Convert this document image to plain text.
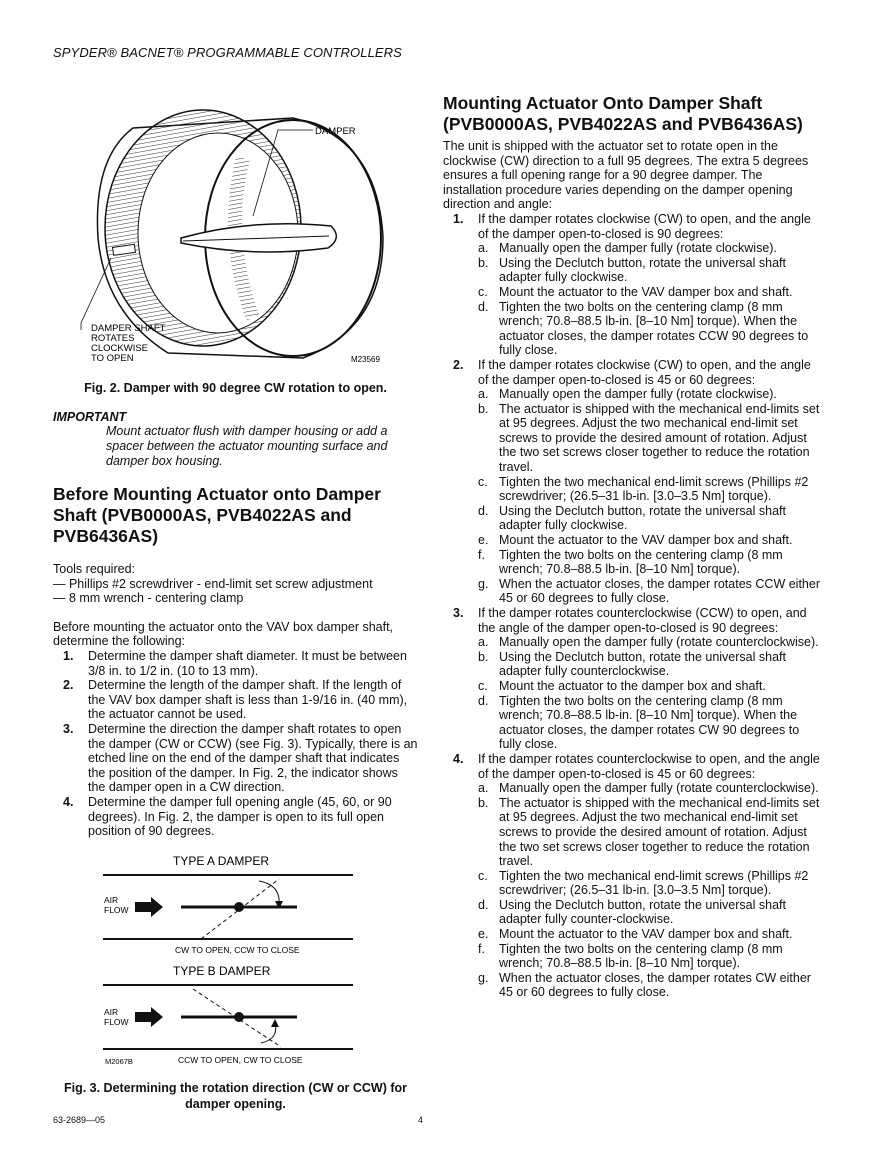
SPYDER® BACNET® PROGRAMMABLE CONTROLLERS
DAMPER
DAMPER SHAFT
ROTATES
CLOCKWISE
TO OPEN	M23569
Fig. 2. Damper with 90 degree CW rotation to open.
IMPORTANT
Mount actuator flush with damper housing or add a spacer between the actuator mounting surface and damper box housing.
Before Mounting Actuator onto Damper Shaft (PVB0000AS, PVB4022AS and PVB6436AS)
Tools required:
— Phillips #2 screwdriver - end-limit set screw adjustment
— 8 mm wrench - centering clamp
Before mounting the actuator onto the VAV box damper shaft, determine the following:
1. Determine the damper shaft diameter. It must be between 3/8 in. to 1/2 in. (10 to 13 mm).
2. Determine the length of the damper shaft. If the length of the VAV box damper shaft is less than 1-9/16 in. (40 mm), the actuator cannot be used.
3. Determine the direction the damper shaft rotates to open the damper (CW or CCW) (see Fig. 3). Typically, there is an etched line on the end of the damper shaft that indicates the position of the damper. In Fig. 2, the indicator shows the damper open in a CW direction.
4. Determine the damper full opening angle (45, 60, or 90 degrees). In Fig. 2, the damper is open to its full open position of 90 degrees.
TYPE A DAMPER
AIR
FLOW
CW TO OPEN, CCW TO CLOSE
TYPE B DAMPER
AIR
FLOW
M2067B	CCW TO OPEN, CW TO CLOSE
Fig. 3. Determining the rotation direction (CW or CCW) for damper opening.
Mounting Actuator Onto Damper Shaft (PVB0000AS, PVB4022AS and PVB6436AS)
The unit is shipped with the actuator set to rotate open in the clockwise (CW) direction to a full 95 degrees. The extra 5 degrees ensures a full opening range for a 90 degree damper. The installation procedure varies depending on the damper opening direction and angle:
1. If the damper rotates clockwise (CW) to open, and the angle of the damper open-to-closed is 90 degrees:
a. Manually open the damper fully (rotate clockwise).
b. Using the Declutch button, rotate the universal shaft adapter fully clockwise.
c. Mount the actuator to the VAV damper box and shaft.
d. Tighten the two bolts on the centering clamp (8 mm wrench; 70.8–88.5 lb-in. [8–10 Nm] torque). When the actuator closes, the damper rotates CCW 90 degrees to fully close.
2. If the damper rotates clockwise (CW) to open, and the angle of the damper open-to-closed is 45 or 60 degrees:
a. Manually open the damper fully (rotate clockwise).
b. The actuator is shipped with the mechanical end-limits set at 95 degrees. Adjust the two mechanical end-limit set screws to provide the desired amount of rotation. Adjust the two set screws closer together to reduce the rotation travel.
c. Tighten the two mechanical end-limit screws (Phillips #2 screwdriver; (26.5–31 lb-in. [3.0–3.5 Nm] torque).
d. Using the Declutch button, rotate the universal shaft adapter fully clockwise.
e. Mount the actuator to the VAV damper box and shaft.
f. Tighten the two bolts on the centering clamp (8 mm wrench; 70.8–88.5 lb-in. [8–10 Nm] torque).
g. When the actuator closes, the damper rotates CCW either 45 or 60 degrees to fully close.
3. If the damper rotates counterclockwise (CCW) to open, and the angle of the damper open-to-closed is 90 degrees:
a. Manually open the damper fully (rotate counterclockwise).
b. Using the Declutch button, rotate the universal shaft adapter fully counterclockwise.
c. Mount the actuator to the damper box and shaft.
d. Tighten the two bolts on the centering clamp (8 mm wrench; 70.8–88.5 lb-in. [8–10 Nm] torque). When the actuator closes, the damper rotates CW 90 degrees to fully close.
4. If the damper rotates counterclockwise to open, and the angle of the damper open-to-closed is 45 or 60 degrees:
a. Manually open the damper fully (rotate counterclockwise).
b. The actuator is shipped with the mechanical end-limits set at 95 degrees. Adjust the two mechanical end-limit set screws to provide the desired amount of rotation. Adjust the two set screws closer together to reduce the rotation travel.
c. Tighten the two mechanical end-limit screws (Phillips #2 screwdriver; (26.5–31 lb-in. [3.0–3.5 Nm] torque).
d. Using the Declutch button, rotate the universal shaft adapter fully counter-clockwise.
e. Mount the actuator to the VAV damper box and shaft.
f. Tighten the two bolts on the centering clamp (8 mm wrench; 70.8–88.5 lb-in. [8–10 Nm] torque).
g. When the actuator closes, the damper rotates CW either 45 or 60 degrees to fully close.
63-2689—05	4
